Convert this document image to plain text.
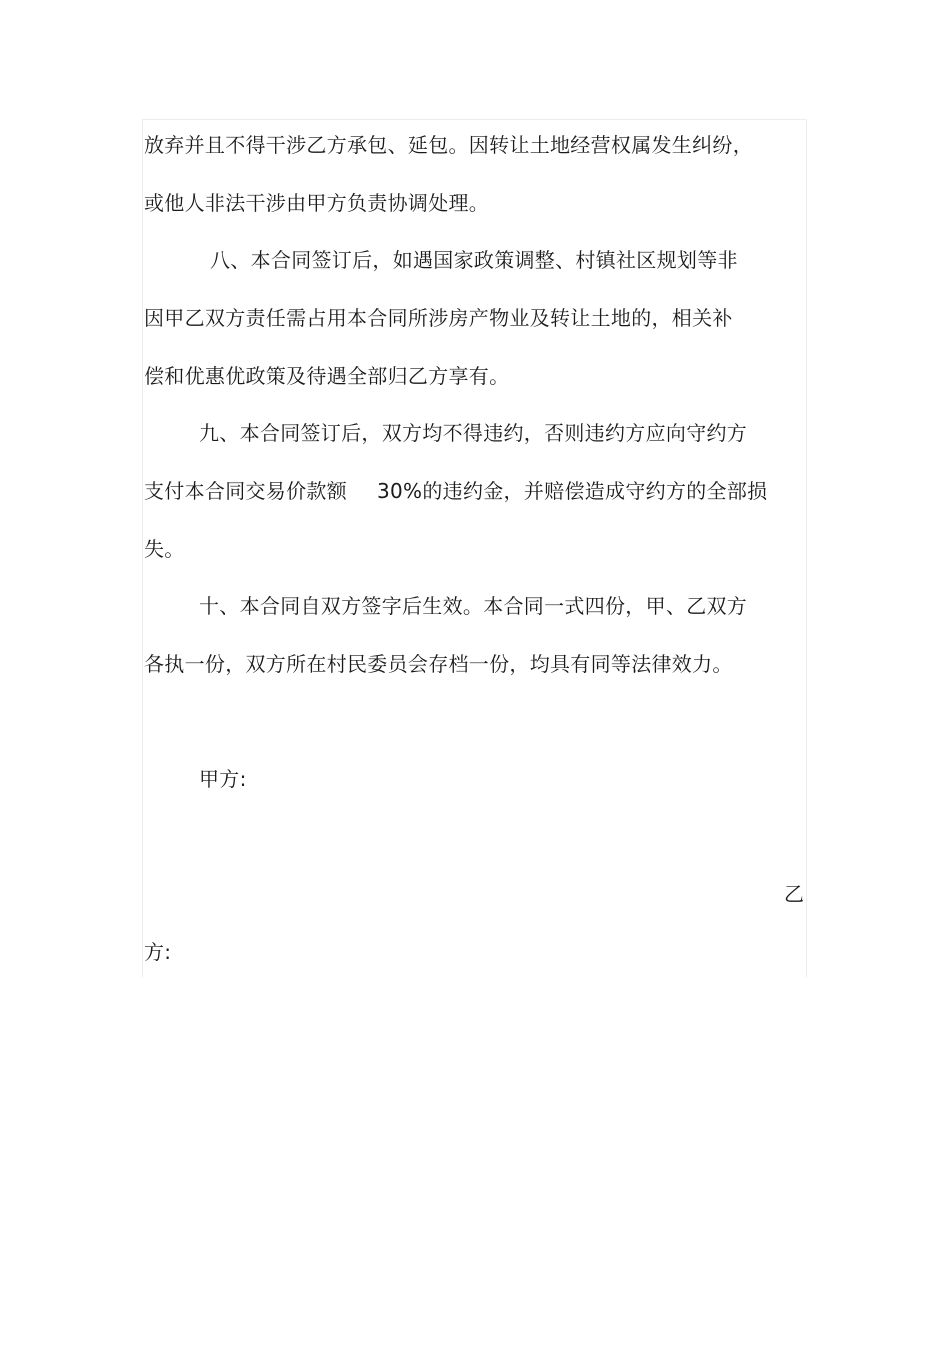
放弃并且不得干涉乙方承包、延包。因转让土地经营权属发生纠纷，
或他人非法干涉由甲方负责协调处理。
八、本合同签订后，如遇国家政策调整、村镇社区规划等非
因甲乙双方责任需占用本合同所涉房产物业及转让土地的，相关补
偿和优惠优政策及待遇全部归乙方享有。
九、本合同签订后，双方均不得违约，否则违约方应向守约方
支付本合同交易价款额 30%的违约金，并赔偿造成守约方的全部损
失。
十、本合同自双方签字后生效。本合同一式四份，甲、乙双方
各执一份，双方所在村民委员会存档一份，均具有同等法律效力。
甲方:
乙
方:
